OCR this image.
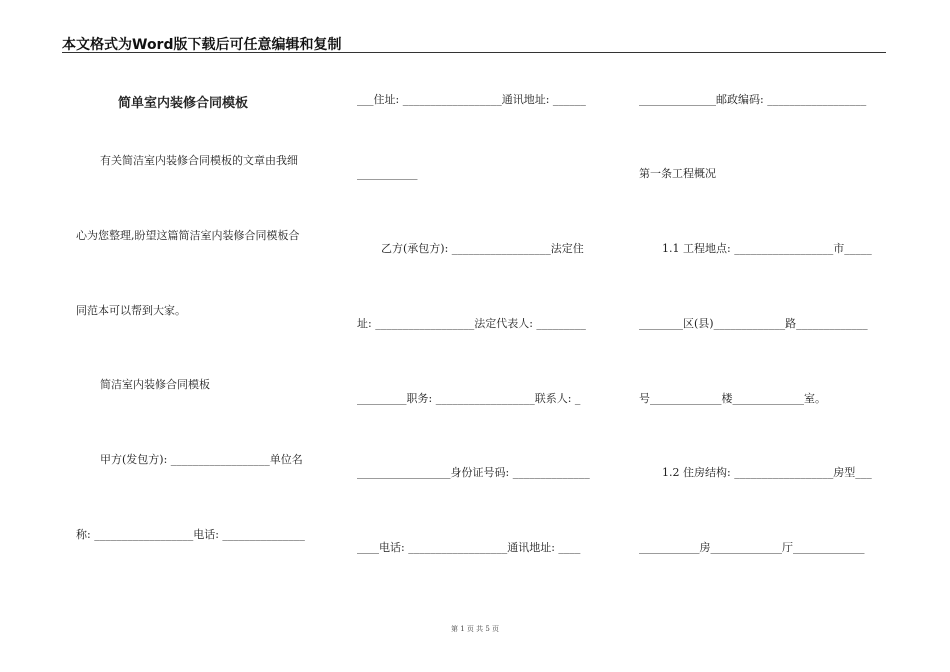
本文格式为Word版下载后可任意编辑和复制
简单室内装修合同模板
有关简洁室内装修合同模板的文章由我细
心为您整理,盼望这篇简洁室内装修合同模板合
同范本可以帮到大家。
简洁室内装修合同模板
甲方(发包方): __________________单位名
称: __________________电话: _______________
___住址: __________________通讯地址: ______
___________
乙方(承包方): __________________法定住
址: __________________法定代表人: _________
_________职务: __________________联系人: _
_________________身份证号码: ______________
____电话: __________________通讯地址: ____
______________邮政编码: __________________
第一条工程概况
1.1 工程地点: __________________市_____
________区(县)_____________路_____________
号_____________楼_____________室。
1.2 住房结构: __________________房型___
___________房_____________厅_____________
第 1 页 共 5 页
